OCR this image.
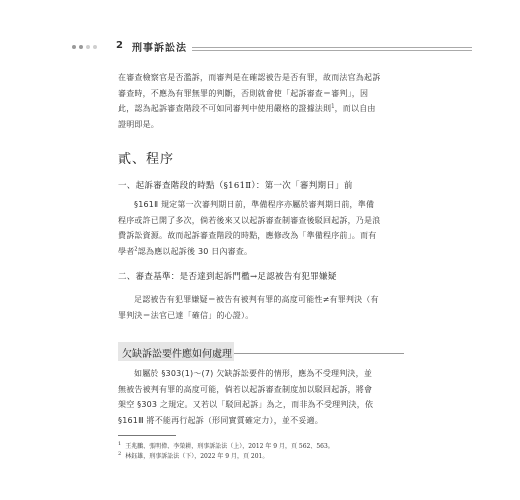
2 刑事訴訟法
在審查檢察官是否濫訴，而審判是在確認被告是否有罪，故而法官為起訴
審查時，不應為有罪無罪的判斷，否則就會使「起訴審查＝審判」，因
此，認為起訴審查階段不可如同審判中使用嚴格的證據法則$^1$，而以自由
證明即是。
貳、程序
一、起訴審查階段的時點（§161Ⅱ）：第一次「審判期日」前
§161Ⅱ 規定第一次審判期日前，準備程序亦屬於審判期日前，準備
程序或許已開了多次，倘若後來又以起訴審查制審查後駁回起訴，乃是浪
費訴訟資源。故而起訴審查階段的時點，應修改為「準備程序前」。而有
學者$^2$認為應以起訴後 30 日內審查。
二、審查基準：是否達到起訴門檻→足認被告有犯罪嫌疑
足認被告有犯罪嫌疑＝被告有被判有罪的高度可能性≠有罪判決（有
罪判決＝法官已達「確信」的心證）。
欠缺訴訟要件應如何處理
如屬於 §303(1)～(7) 欠缺訴訟要件的情形，應為不受理判決，並
無被告被判有罪的高度可能，倘若以起訴審查制度加以駁回起訴，將會
架空 §303 之規定。又若以「駁回起訴」為之，而非為不受理判決，依
§161Ⅲ 將不能再行起訴（形同實質確定力），並不妥適。
$^1$ 王兆鵬、張明偉、李榮耕，刑事訴訟法（上），2012 年 9 月，頁 562、563。
$^2$ 林鈺雄，刑事訴訟法（下），2022 年 9 月，頁 201。
